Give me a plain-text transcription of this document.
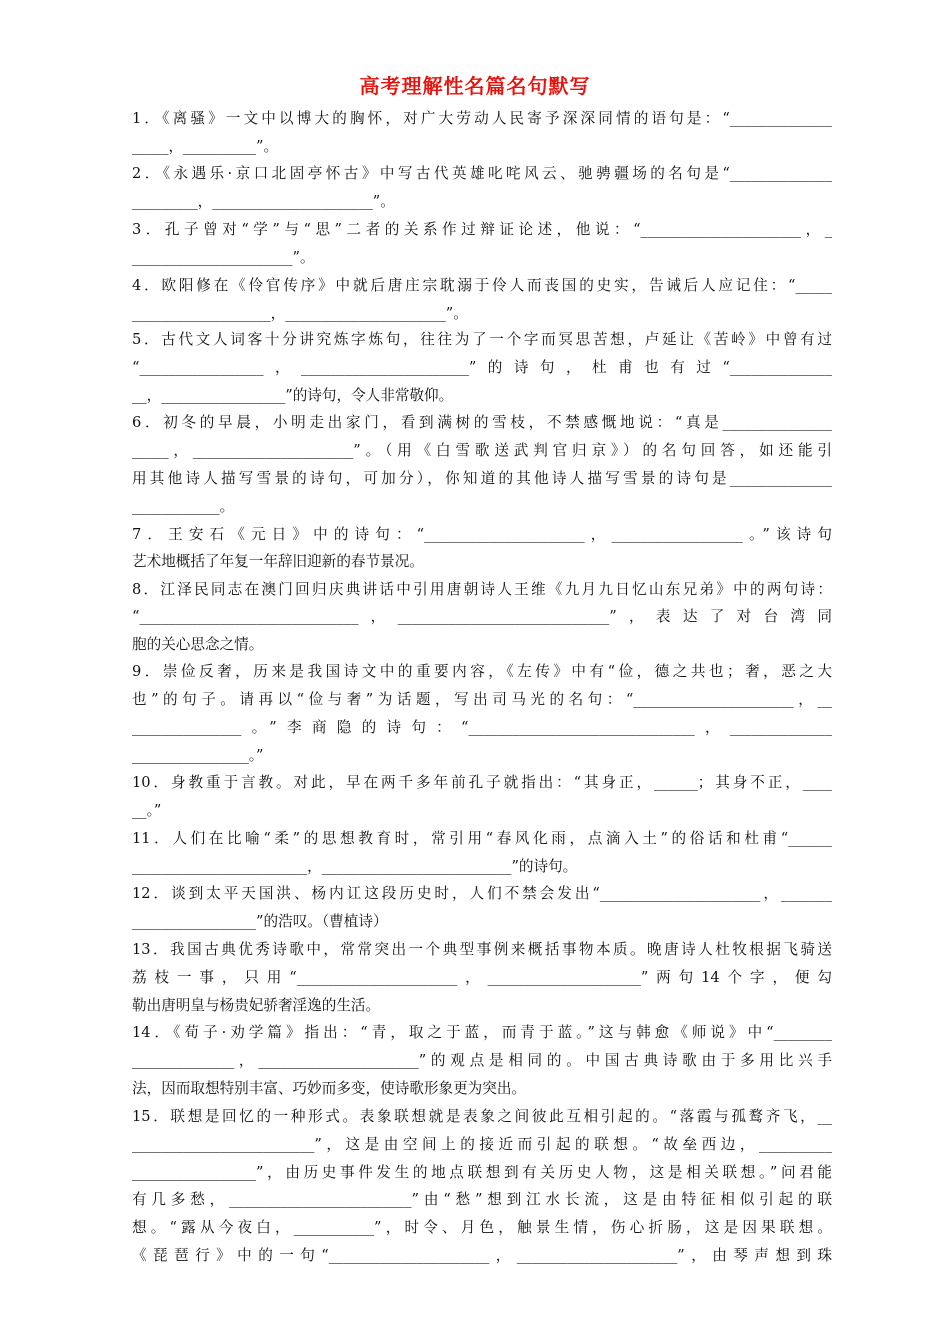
高考理解性名篇名句默写
1．《离骚》一文中以博大的胸怀，对广大劳动人民寄予深深同情的语句是：“______________
_____，__________”。
2．《永遇乐·京口北固亭怀古》中写古代英雄叱咤风云、驰骋疆场的名句是“______________
_________，______________________”。
3．孔子曾对“学”与“思”二者的关系作过辩证论述，他说：“______________________，_
______________________”。
4．欧阳修在《伶官传序》中就后唐庄宗耽溺于伶人而丧国的史实，告诫后人应记住：“_____
___________________，______________________”。
5．古代文人词客十分讲究炼字炼句，往往为了一个字而冥思苦想，卢延让《苦岭》中曾有过
“_________________，_______________________”的诗句，杜甫也有过“______________
__，_________________”的诗句，令人非常敬仰。
6．初冬的早晨，小明走出家门，看到满树的雪枝，不禁感慨地说：“真是_______________
_____，______________________”。（用《白雪歌送武判官归京》）的名句回答，如还能引
用其他诗人描写雪景的诗句，可加分），你知道的其他诗人描写雪景的诗句是______________
____________。
7．王安石《元日》中的诗句：“______________________，__________________。”该诗句
艺术地概括了年复一年辞旧迎新的春节景况。
8．江泽民同志在澳门回归庆典讲话中引用唐朝诗人王维《九月九日忆山东兄弟》中的两句诗：
“______________________________，_____________________________”，表达了对台湾同
胞的关心思念之情。
9．崇俭反奢，历来是我国诗文中的重要内容，《左传》中有“俭，德之共也；奢，恶之大
也”的句子。请再以“俭与奢”为话题，写出司马光的名句：“______________________，__
_______________。”李商隐的诗句：“_______________________________，______________
________________。”
10．身教重于言教。对此，早在两千多年前孔子就指出：“其身正，______；其身不正，____
__。”
11．人们在比喻“柔”的思想教育时，常引用“春风化雨，点滴入土”的俗话和杜甫“______
________________________，__________________________”的诗句。
12．谈到太平天国洪、杨内讧这段历史时，人们不禁会发出“______________________，_______
_________________”的浩叹。（曹植诗）
13．我国古典优秀诗歌中，常常突出一个典型事例来概括事物本质。晚唐诗人杜牧根据飞骑送
荔枝一事，只用“______________________，_____________________”两句14个字，便勾
勒出唐明皇与杨贵妃骄奢淫逸的生活。
14．《荀子·劝学篇》指出：“青，取之于蓝，而青于蓝。”这与韩愈《师说》中“________
______________，______________________”的观点是相同的。中国古典诗歌由于多用比兴手
法，因而取想特别丰富、巧妙而多变，使诗歌形象更为突出。
15．联想是回忆的一种形式。表象联想就是表象之间彼此互相引起的。“落霞与孤鹜齐飞，__
_________________________”，这是由空间上的接近而引起的联想。“故垒西边，__________
_________________”，由历史事件发生的地点联想到有关历史人物，这是相关联想。”问君能
有几多愁，_________________________”由“愁”想到江水长流，这是由特征相似引起的联
想。“露从今夜白，___________”，时令、月色，触景生情，伤心折肠，这是因果联想。
《琵琶行》中的一句“______________________，______________________”，由琴声想到珠
